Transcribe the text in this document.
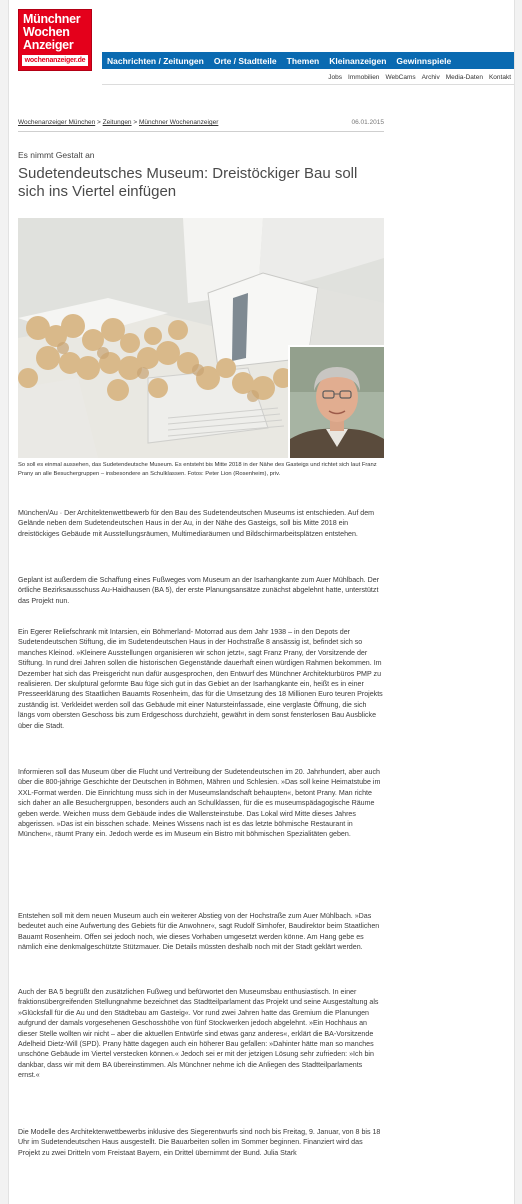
Münchner
Wochen
Anzeiger
wochenanzeiger.de	Nachrichten / Zeitungen	Orte / Stadtteile	Themen	Kleinanzeigen	Gewinnspiele
Jobs Immobilien WebCams Archiv Media-Daten Kontakt
Wochenanzeiger München > Zeitungen > Münchner Wochenanzeiger	06.01.2015
Es nimmt Gestalt an
Sudetendeutsches Museum: Dreistöckiger Bau soll sich ins Viertel einfügen
So soll es einmal aussehen, das Sudetendeutsche Museum. Es entsteht bis Mitte 2018 in der Nähe des Gasteigs und richtet sich laut Franz Prany an alle Besuchergruppen – insbesondere an Schulklassen. Fotos: Peter Lion (Rosenheim), priv.

München/Au · Der Architektenwettbewerb für den Bau des Sudetendeutschen Museums ist entschieden. Auf dem Gelände neben dem Sudetendeutschen Haus in der Au, in der Nähe des Gasteigs, soll bis Mitte 2018 ein dreistöckiges Gebäude mit Ausstellungsräumen, Multimediaräumen und Bildschirmarbeitsplätzen entstehen.

Geplant ist außerdem die Schaffung eines Fußweges vom Museum an der Isarhangkante zum Auer Mühlbach. Der örtliche Bezirksausschuss Au-Haidhausen (BA 5), der erste Planungsansätze zunächst abgelehnt hatte, unterstützt das Projekt nun.

Ein Egerer Reliefschrank mit Intarsien, ein Böhmerland- Motorrad aus dem Jahr 1938 – in den Depots der Sudetendeutschen Stiftung, die im Sudetendeutschen Haus in der Hochstraße 8 ansässig ist, befindet sich so manches Kleinod. »Kleinere Ausstellungen organisieren wir schon jetzt«, sagt Franz Prany, der Vorsitzende der Stiftung. In rund drei Jahren sollen die historischen Gegenstände dauerhaft einen würdigen Rahmen bekommen. Im Dezember hat sich das Preisgericht nun dafür ausgesprochen, den Entwurf des Münchner Architekturbüros PMP zu realisieren. Der skulptural geformte Bau füge sich gut in das Gebiet an der Isarhangkante ein, heißt es in einer Presseerklärung des Staatlichen Bauamts Rosenheim, das für die Umsetzung des 18 Millionen Euro teuren Projekts zuständig ist. Verkleidet werden soll das Gebäude mit einer Natursteinfassade, eine verglaste Öffnung, die sich längs vom obersten Geschoss bis zum Erdgeschoss durchzieht, gewährt in dem sonst fensterlosen Bau Ausblicke über die Stadt.

Informieren soll das Museum über die Flucht und Vertreibung der Sudetendeutschen im 20. Jahrhundert, aber auch über die 800-jährige Geschichte der Deutschen in Böhmen, Mähren und Schlesien. »Das soll keine Heimatstube im XXL-Format werden. Die Einrichtung muss sich in der Museumslandschaft behaupten«, betont Prany. Man richte sich daher an alle Besuchergruppen, besonders auch an Schulklassen, für die es museumspädagogische Räume geben werde. Weichen muss dem Gebäude indes die Wallensteinstube. Das Lokal wird Mitte dieses Jahres abgerissen. »Das ist ein bisschen schade. Meines Wissens nach ist es das letzte böhmische Restaurant in München«, räumt Prany ein. Jedoch werde es im Museum ein Bistro mit böhmischen Spezialitäten geben.

Entstehen soll mit dem neuen Museum auch ein weiterer Abstieg von der Hochstraße zum Auer Mühlbach. »Das bedeutet auch eine Aufwertung des Gebiets für die Anwohner«, sagt Rudolf Simhofer, Baudirektor beim Staatlichen Bauamt Rosenheim. Offen sei jedoch noch, wie dieses Vorhaben umgesetzt werden könne. Am Hang gebe es nämlich eine denkmalgeschützte Stützmauer. Die Details müssten deshalb noch mit der Stadt geklärt werden.

Auch der BA 5 begrüßt den zusätzlichen Fußweg und befürwortet den Museumsbau enthusiastisch. In einer fraktionsübergreifenden Stellungnahme bezeichnet das Stadtteilparlament das Projekt und seine Ausgestaltung als »Glücksfall für die Au und den Städtebau am Gasteig«. Vor rund zwei Jahren hatte das Gremium die Planungen aufgrund der damals vorgesehenen Geschosshöhe von fünf Stockwerken jedoch abgelehnt. »Ein Hochhaus an dieser Stelle wollten wir nicht – aber die aktuellen Entwürfe sind etwas ganz anderes«, erklärt die BA-Vorsitzende Adelheid Dietz-Will (SPD). Prany hätte dagegen auch ein höherer Bau gefallen: »Dahinter hätte man so manches unschöne Gebäude im Viertel verstecken können.« Jedoch sei er mit der jetzigen Lösung sehr zufrieden: »Ich bin dankbar, dass wir mit dem BA übereinstimmen. Als Münchner nehme ich die Anliegen des Stadtteilparlaments ernst.«

Die Modelle des Architektenwettbewerbs inklusive des Siegerentwurfs sind noch bis Freitag, 9. Januar, von 8 bis 18 Uhr im Sudetendeutschen Haus ausgestellt. Die Bauarbeiten sollen im Sommer beginnen. Finanziert wird das Projekt zu zwei Dritteln vom Freistaat Bayern, ein Drittel übernimmt der Bund. Julia Stark
